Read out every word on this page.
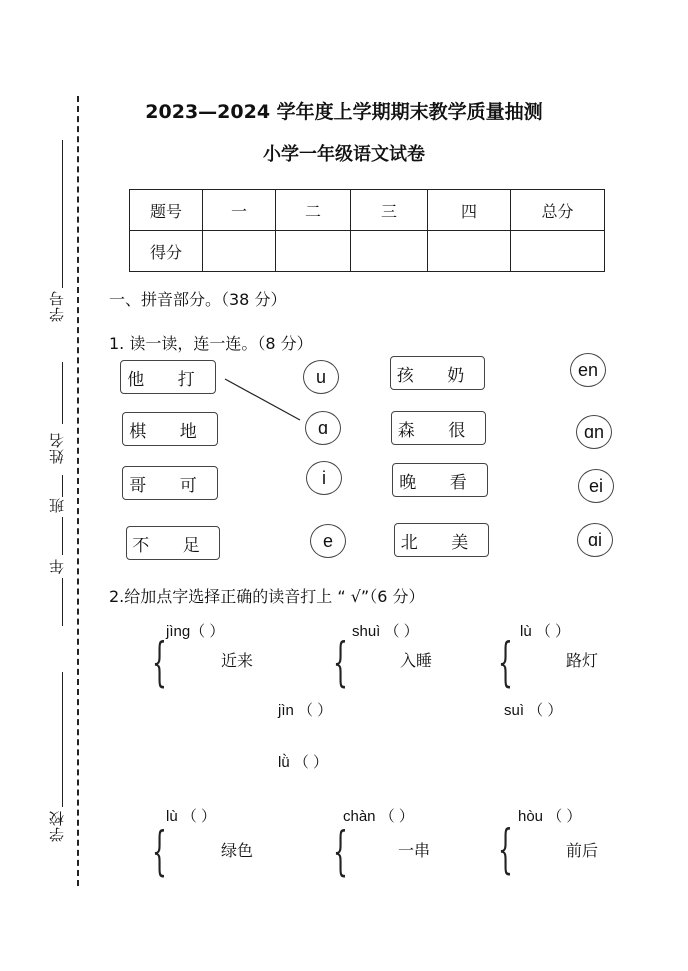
学号
姓名
班
年
学校
2023—2024 学年度上学期期末教学质量抽测
小学一年级语文试卷
题号	一	二	三	四	总分
得分					
一、拼音部分。（38 分）
1. 读一读，连一连。（8 分）
他 打
棋 地
哥 可
不 足
u
ɑ
i
e
孩 奶
森 很
晚 看
北 美
en
ɑn
ei
ɑi
2.给加点字选择正确的读音打上 “ √”（6 分）
jìng（ ）
{	近来
jìn （ ）
shuì （ ）
{	入睡
suì （ ）
lù （ ）
{	路灯
lǜ （ ）
lù （ ）
{	绿色
chàn （ ）
{	一串
hòu （ ）
{	前后
